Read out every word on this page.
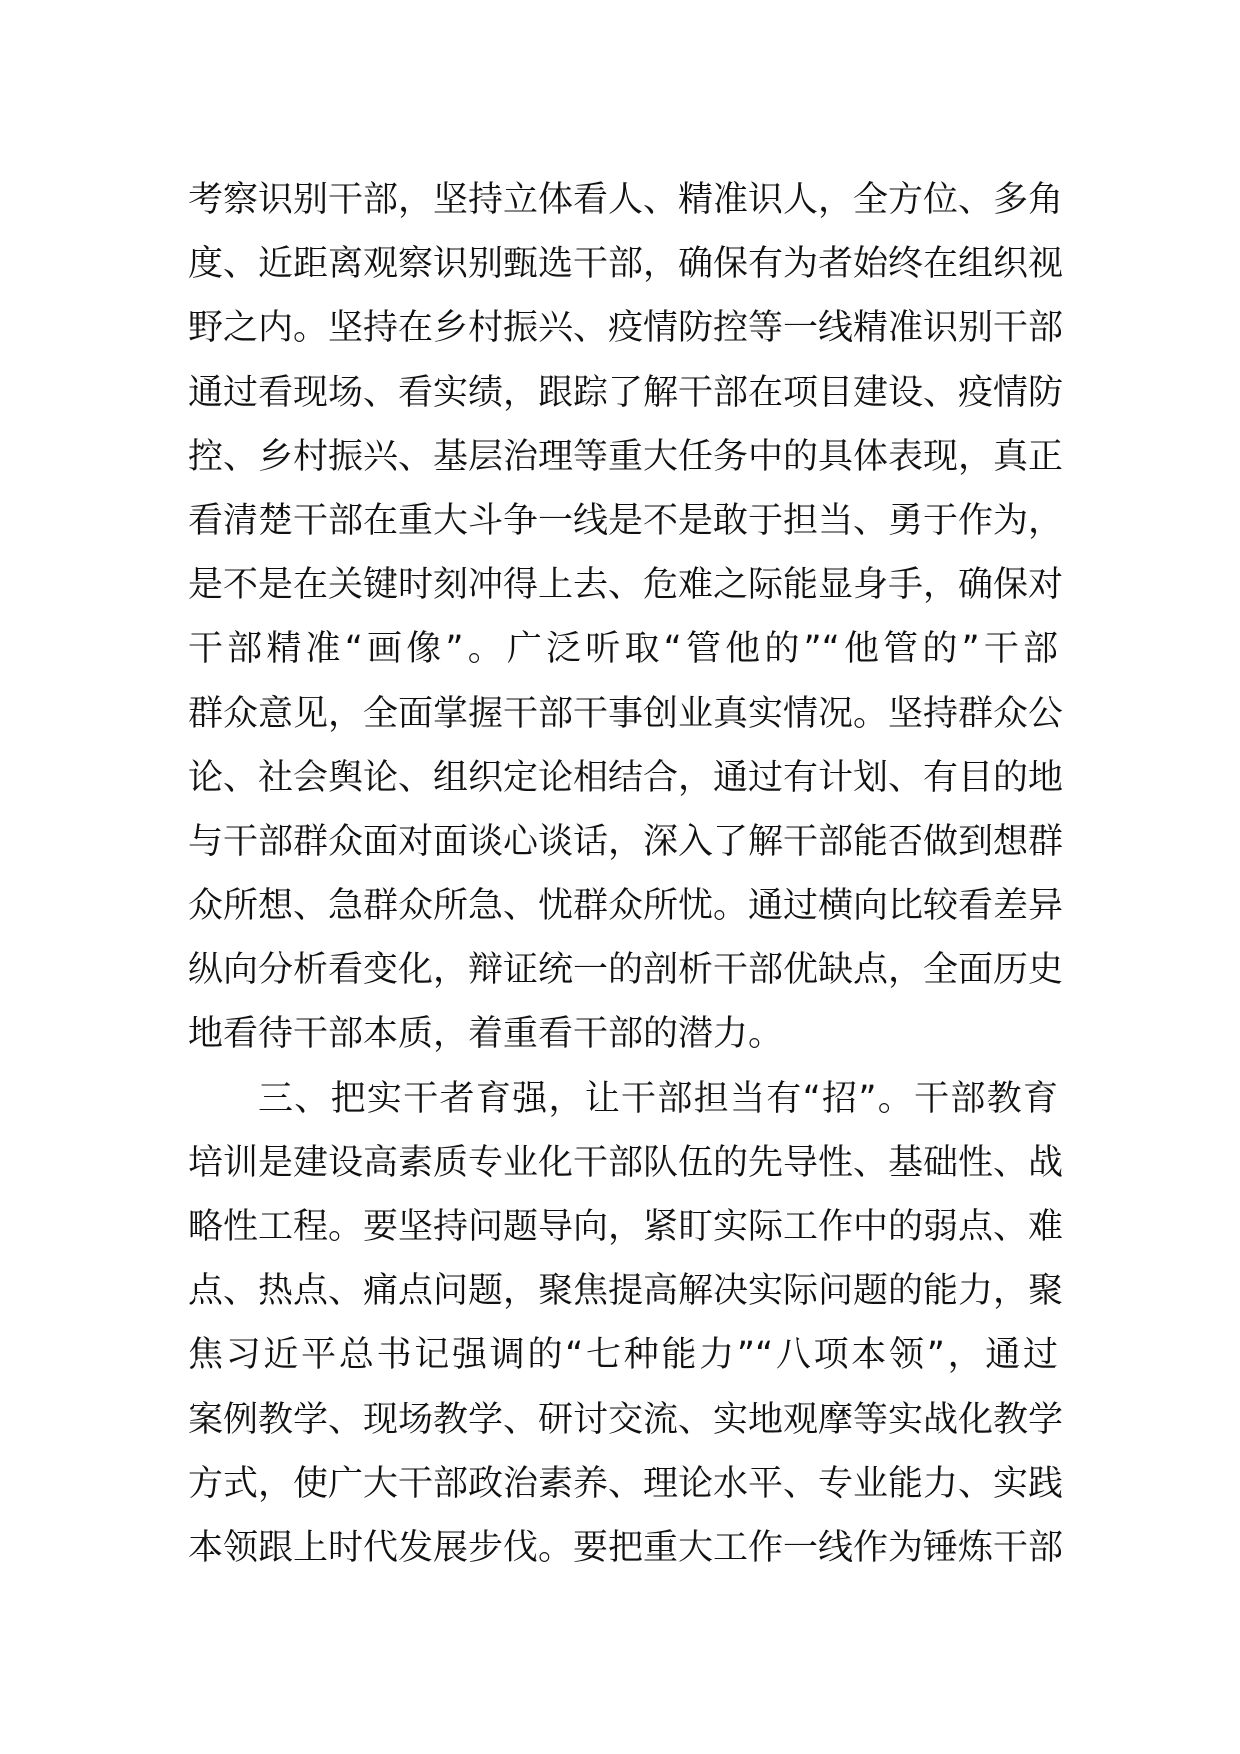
考察识别干部，坚持立体看人、精准识人，全方位、多角
度、近距离观察识别甄选干部，确保有为者始终在组织视
野之内。坚持在乡村振兴、疫情防控等一线精准识别干部
通过看现场、看实绩，跟踪了解干部在项目建设、疫情防
控、乡村振兴、基层治理等重大任务中的具体表现，真正
看清楚干部在重大斗争一线是不是敢于担当、勇于作为，
是不是在关键时刻冲得上去、危难之际能显身手，确保对
干部精准“画像”。广泛听取“管他的”“他管的”干部
群众意见，全面掌握干部干事创业真实情况。坚持群众公
论、社会舆论、组织定论相结合，通过有计划、有目的地
与干部群众面对面谈心谈话，深入了解干部能否做到想群
众所想、急群众所急、忧群众所忧。通过横向比较看差异
纵向分析看变化，辩证统一的剖析干部优缺点，全面历史
地看待干部本质，着重看干部的潜力。
三、把实干者育强，让干部担当有“招”。干部教育
培训是建设高素质专业化干部队伍的先导性、基础性、战
略性工程。要坚持问题导向，紧盯实际工作中的弱点、难
点、热点、痛点问题，聚焦提高解决实际问题的能力，聚
焦习近平总书记强调的“七种能力”“八项本领”，通过
案例教学、现场教学、研讨交流、实地观摩等实战化教学
方式，使广大干部政治素养、理论水平、专业能力、实践
本领跟上时代发展步伐。要把重大工作一线作为锤炼干部
